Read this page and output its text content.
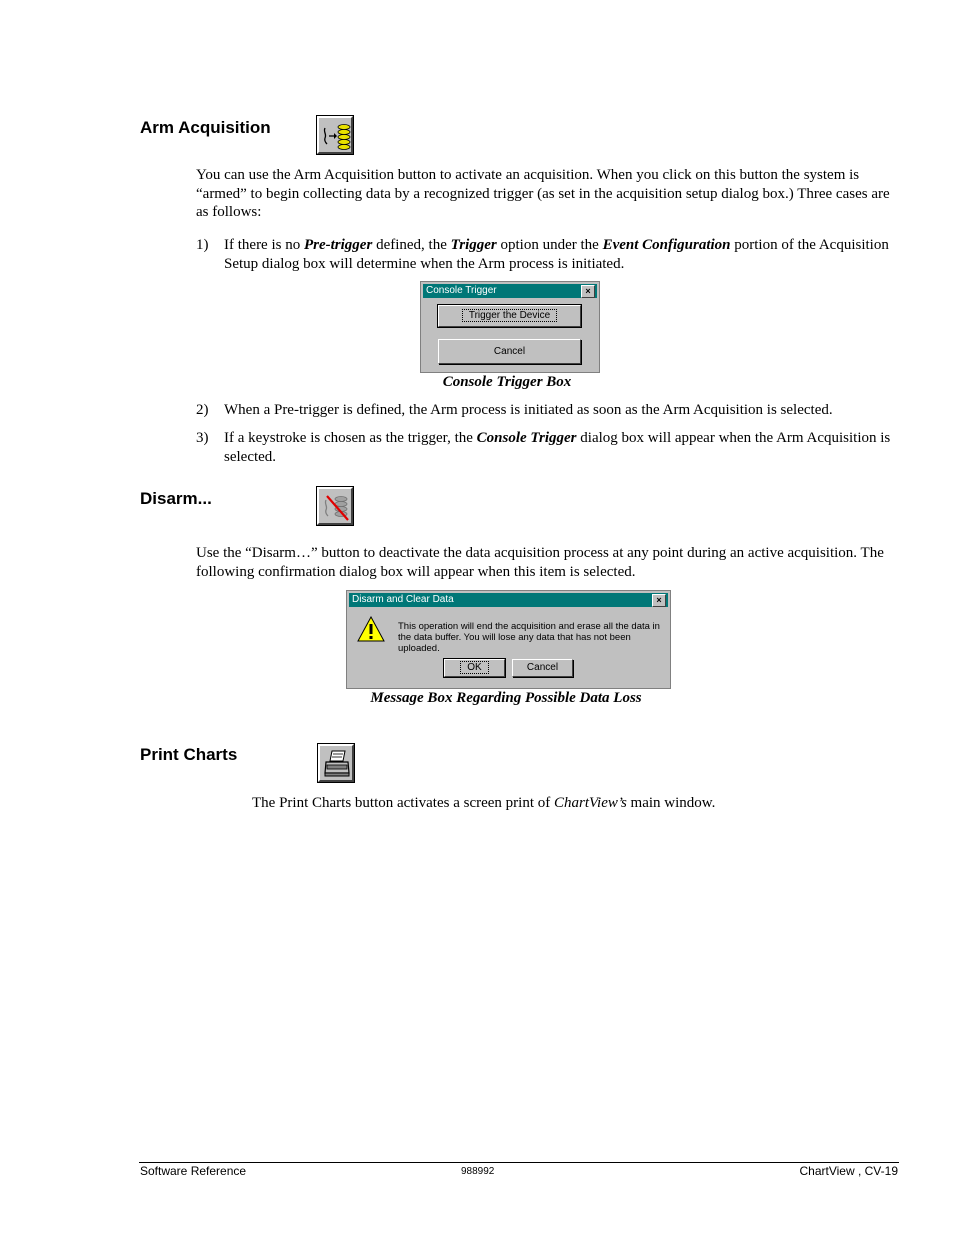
Arm Acquisition
You can use the Arm Acquisition button to activate an acquisition. When you click on this button the system is “armed” to begin collecting data by a recognized trigger (as set in the acquisition setup dialog box.) Three cases are as follows:
1) If there is no Pre-trigger defined, the Trigger option under the Event Configuration portion of the Acquisition Setup dialog box will determine when the Arm process is initiated.
Console Trigger	×
Trigger the Device
Cancel
Console Trigger Box
2) When a Pre-trigger is defined, the Arm process is initiated as soon as the Arm Acquisition is selected.
3) If a keystroke is chosen as the trigger, the Console Trigger dialog box will appear when the Arm Acquisition is selected.
Disarm...
Use the “Disarm…” button to deactivate the data acquisition process at any point during an active acquisition. The following confirmation dialog box will appear when this item is selected.
Disarm and Clear Data	×
This operation will end the acquisition and erase all the data in the data buffer. You will lose any data that has not been uploaded.
OK	Cancel
Message Box Regarding Possible Data Loss
Print Charts
The Print Charts button activates a screen print of ChartView’s main window.
Software Reference	988992	ChartView , CV-19
